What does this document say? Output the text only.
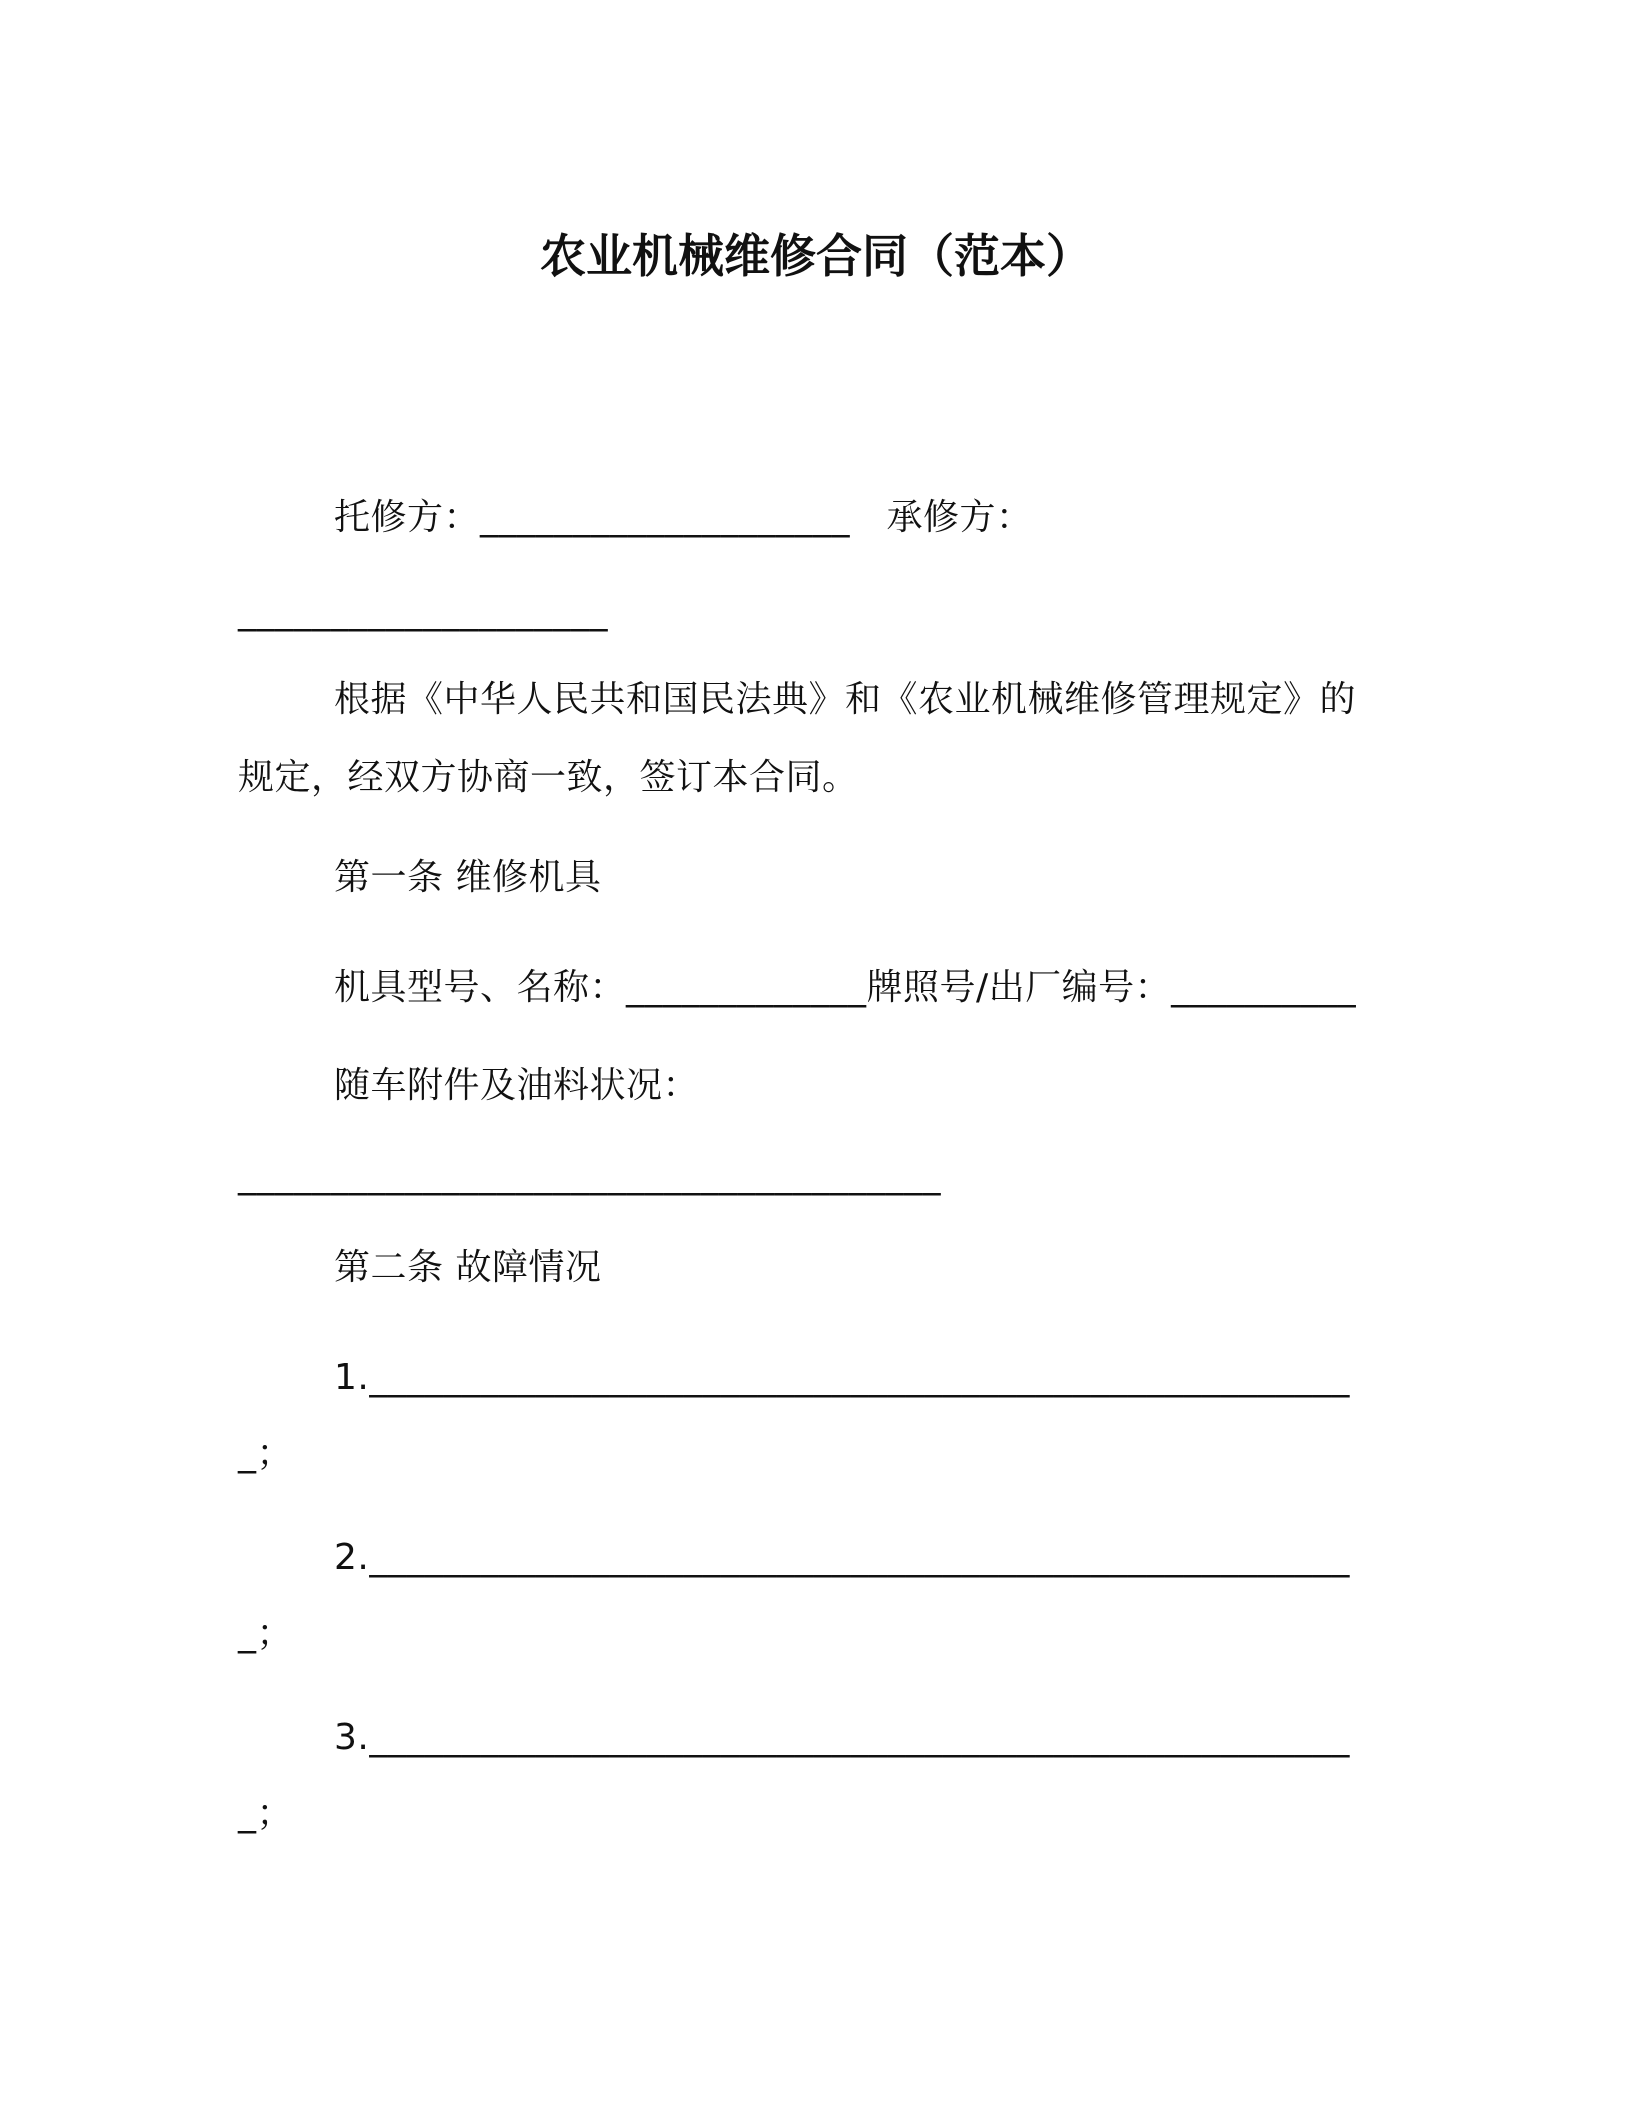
农业机械维修合同（范本）
托修方：____________________　承修方：
____________________
根据《中华人民共和国民法典》和《农业机械维修管理规定》的
规定，经双方协商一致，签订本合同。
第一条 维修机具
机具型号、名称：_____________牌照号/出厂编号：__________
随车附件及油料状况：
______________________________________
第二条 故障情况
1._____________________________________________________
_；
2._____________________________________________________
_；
3._____________________________________________________
_；
